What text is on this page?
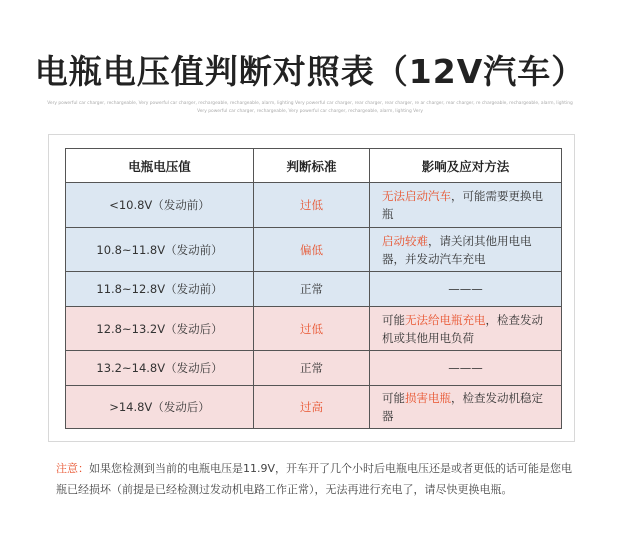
电瓶电压值判断对照表（12V汽车）
Very powerful car charger, rechargeable, Very powerful car charger, rechargeable, rechargeable, alarm, lighting Very powerful car charger, rear charger, rear charger, re ar charger, rear charger, re chargeable, rechargeable, alarm, lighting
Very powerful car charger, rechargeable, Very powerful car charger, rechargeable, alarm, lighting Very
电瓶电压值	判断标准	影响及应对方法
<10.8V（发动前）	过低	无法启动汽车，可能需要更换电瓶
10.8~11.8V（发动前）	偏低	启动较难，请关闭其他用电电器，并发动汽车充电
11.8~12.8V（发动前）	正常	———
12.8~13.2V（发动后）	过低	可能无法给电瓶充电，检查发动机或其他用电负荷
13.2~14.8V（发动后）	正常	———
>14.8V（发动后）	过高	可能损害电瓶，检查发动机稳定器
注意：如果您检测到当前的电瓶电压是11.9V，开车开了几个小时后电瓶电压还是或者更低的话可能是您电瓶已经损坏（前提是已经检测过发动机电路工作正常），无法再进行充电了，请尽快更换电瓶。
